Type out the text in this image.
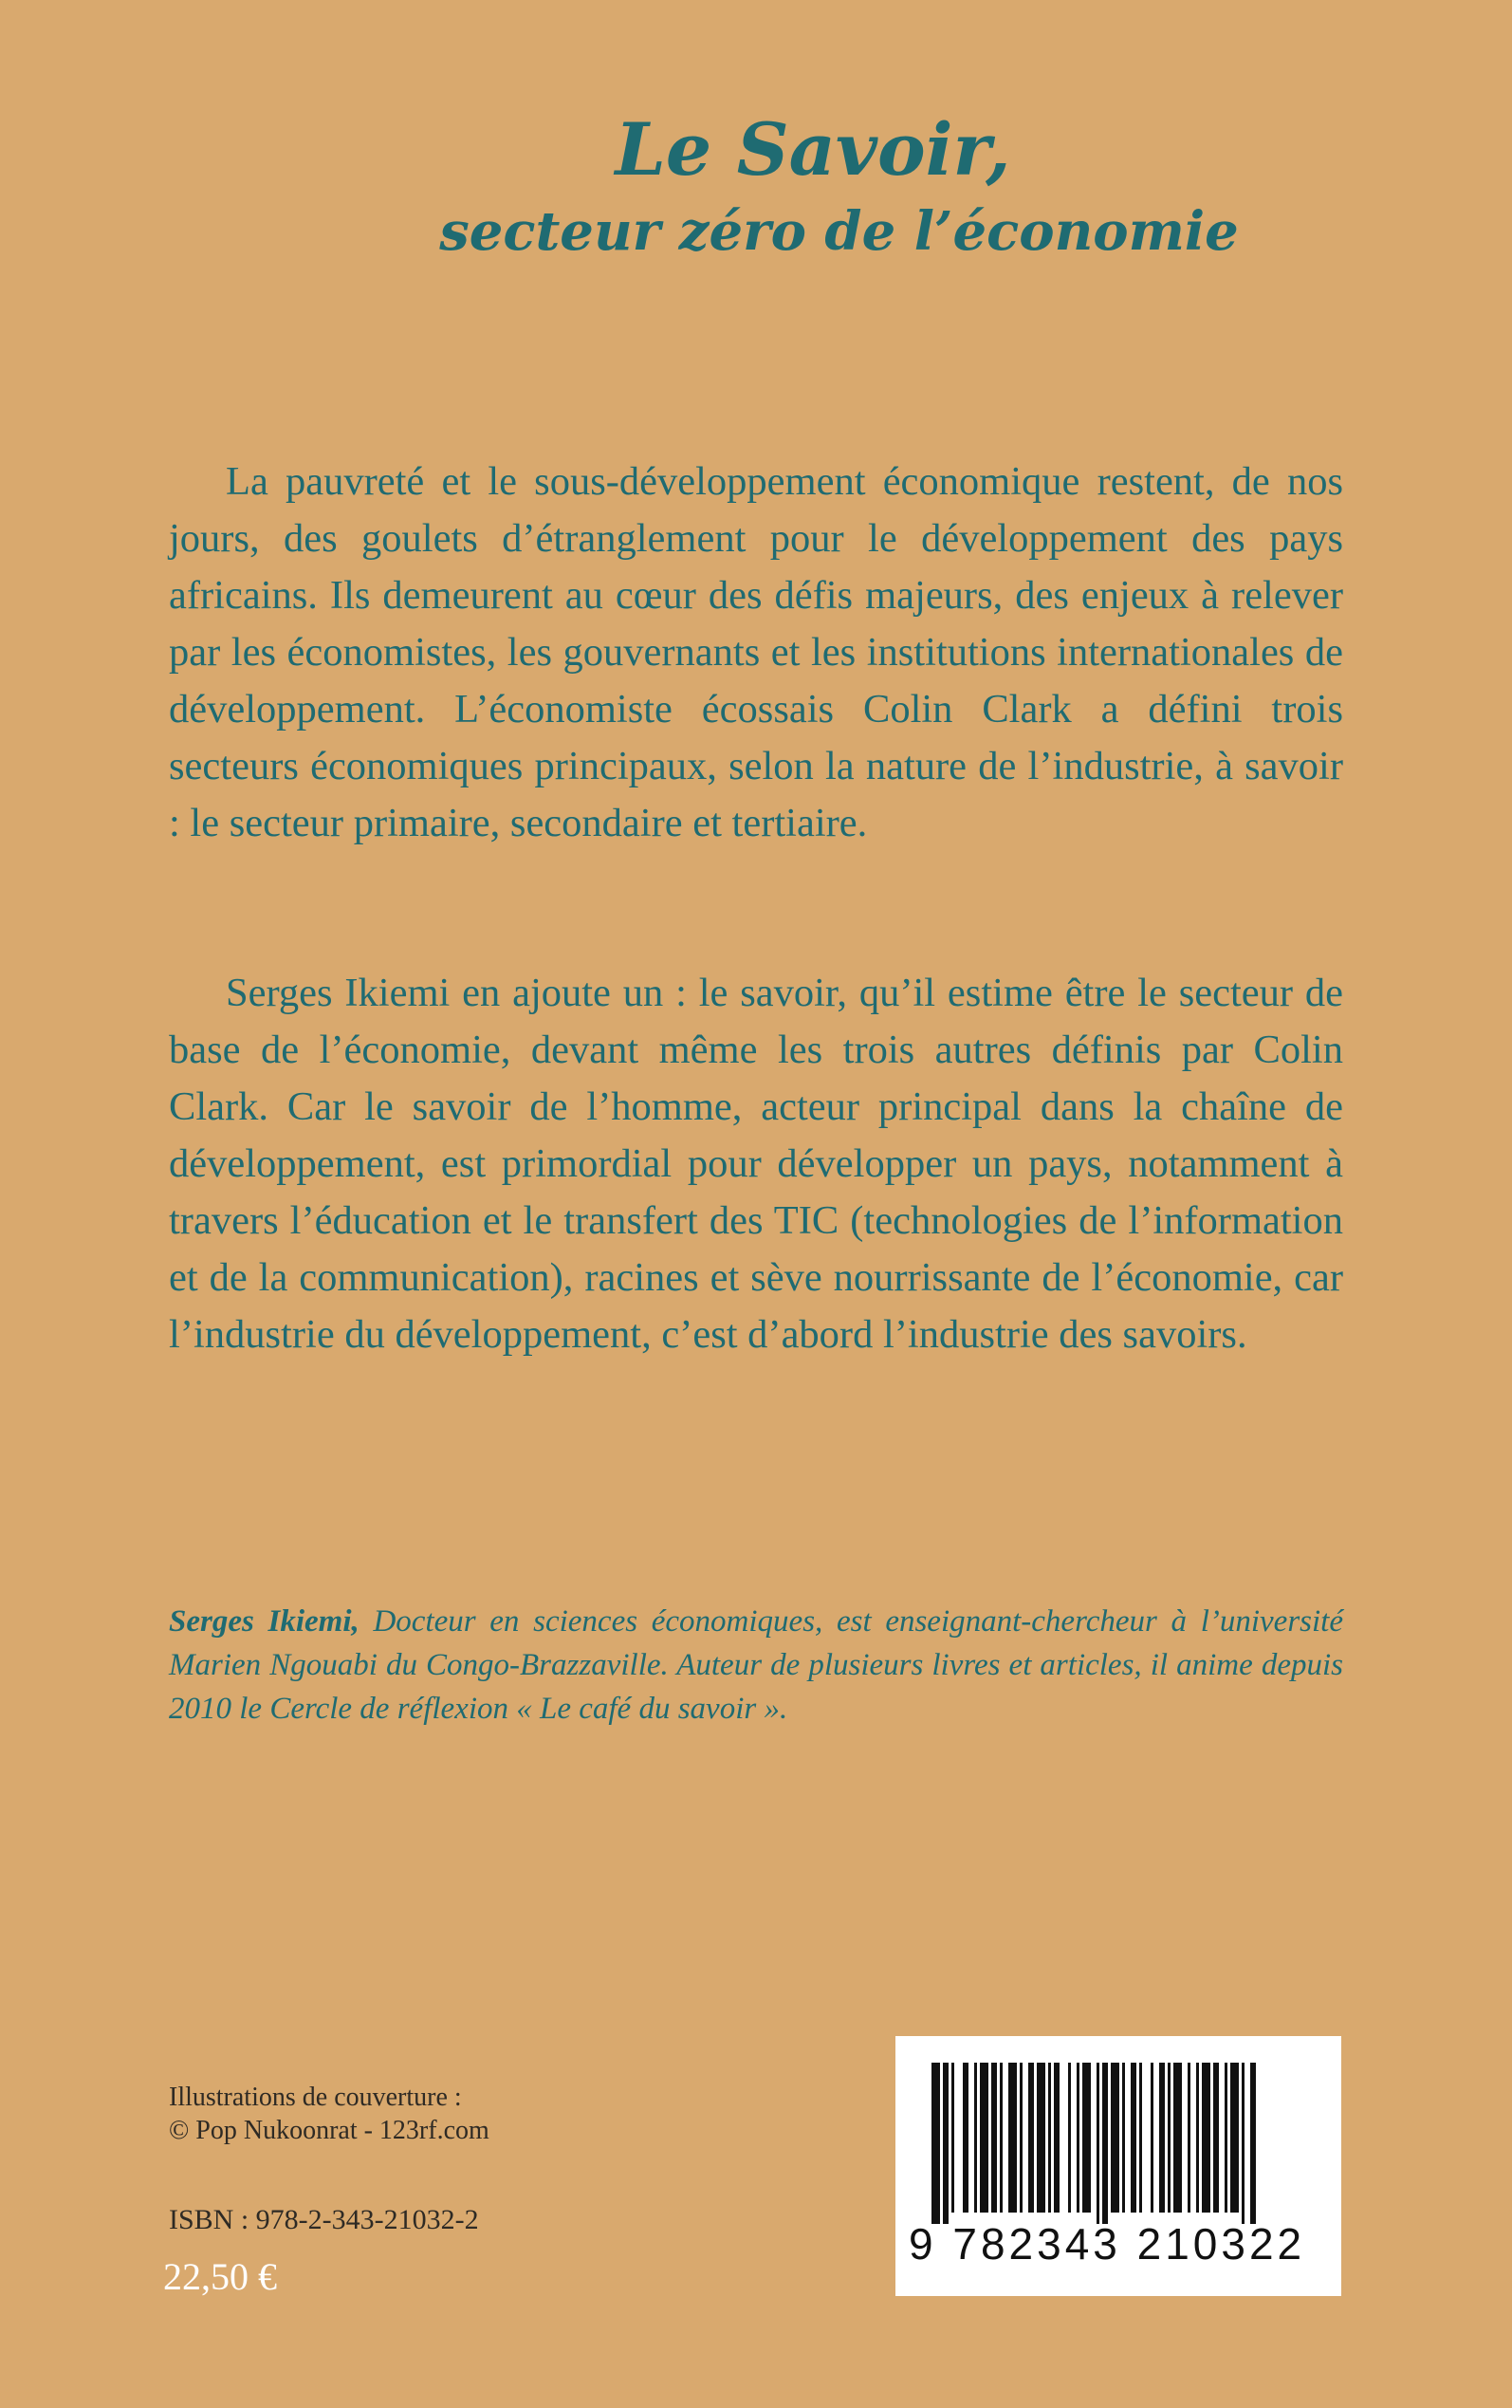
Le Savoir,
secteur zéro de l’économie

La pauvreté et le sous-développement économique restent, de nos jours, des goulets d’étranglement pour le développement des pays africains. Ils demeurent au cœur des défis majeurs, des enjeux à relever par les économistes, les gouvernants et les institutions internationales de développement. L’économiste écossais Colin Clark a défini trois secteurs économiques principaux, selon la nature de l’industrie, à savoir : le secteur primaire, secondaire et tertiaire.

Serges Ikiemi en ajoute un : le savoir, qu’il estime être le secteur de base de l’économie, devant même les trois autres définis par Colin Clark. Car le savoir de l’homme, acteur principal dans la chaîne de développement, est primordial pour développer un pays, notamment à travers l’éducation et le transfert des TIC (technologies de l’information et de la communication), racines et sève nourrissante de l’économie, car l’industrie du développement, c’est d’abord l’industrie des savoirs.

Serges Ikiemi, Docteur en sciences économiques, est enseignant-chercheur à l’université Marien Ngouabi du Congo-Brazzaville. Auteur de plusieurs livres et articles, il anime depuis 2010 le Cercle de réflexion « Le café du savoir ».

Illustrations de couverture :
© Pop Nukoonrat - 123rf.com
ISBN : 978-2-343-21032-2
22,50 €
9 782343 210322
